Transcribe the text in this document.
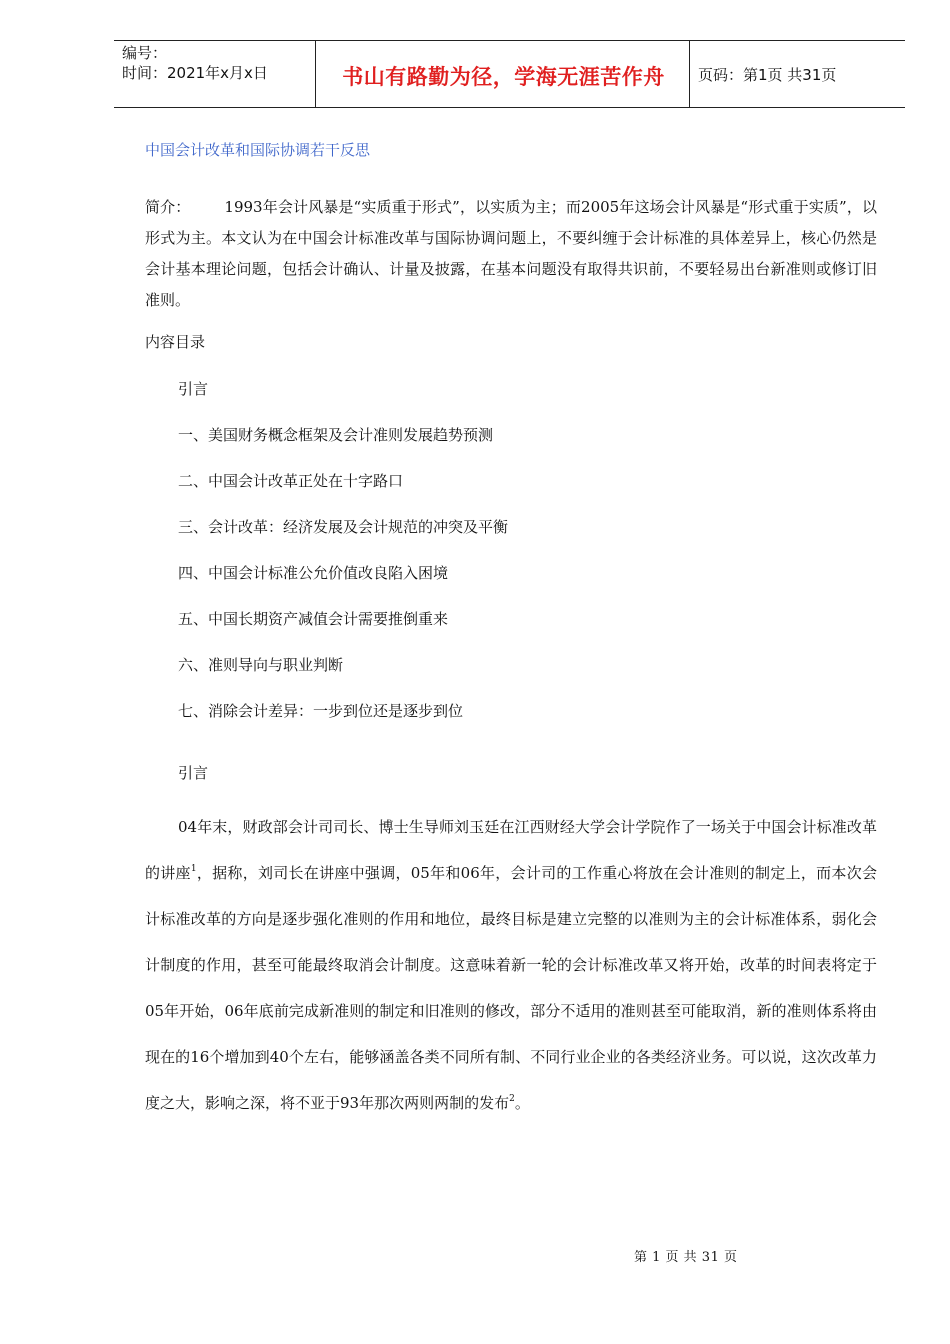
编号：
时间：2021年x月x日	书山有路勤为径，学海无涯苦作舟	页码：第1页 共31页
中国会计改革和国际协调若干反思
简介： 1993年会计风暴是“实质重于形式”，以实质为主；而2005年这场会计风暴是“形式重于实质”，以形式为主。本文认为在中国会计标准改革与国际协调问题上，不要纠缠于会计标准的具体差异上，核心仍然是会计基本理论问题，包括会计确认、计量及披露，在基本问题没有取得共识前，不要轻易出台新准则或修订旧准则。
内容目录
引言
一、美国财务概念框架及会计准则发展趋势预测
二、中国会计改革正处在十字路口
三、会计改革：经济发展及会计规范的冲突及平衡
四、中国会计标准公允价值改良陷入困境
五、中国长期资产减值会计需要推倒重来
六、准则导向与职业判断
七、消除会计差异：一步到位还是逐步到位
引言
04年末，财政部会计司司长、博士生导师刘玉廷在江西财经大学会计学院作了一场关于中国会计标准改革的讲座$^1$，据称，刘司长在讲座中强调，05年和06年，会计司的工作重心将放在会计准则的制定上，而本次会计标准改革的方向是逐步强化准则的作用和地位，最终目标是建立完整的以准则为主的会计标准体系，弱化会计制度的作用，甚至可能最终取消会计制度。这意味着新一轮的会计标准改革又将开始，改革的时间表将定于05年开始，06年底前完成新准则的制定和旧准则的修改，部分不适用的准则甚至可能取消，新的准则体系将由现在的16个增加到40个左右，能够涵盖各类不同所有制、不同行业企业的各类经济业务。可以说，这次改革力度之大，影响之深，将不亚于93年那次两则两制的发布$^2$。
第 1 页 共 31 页
